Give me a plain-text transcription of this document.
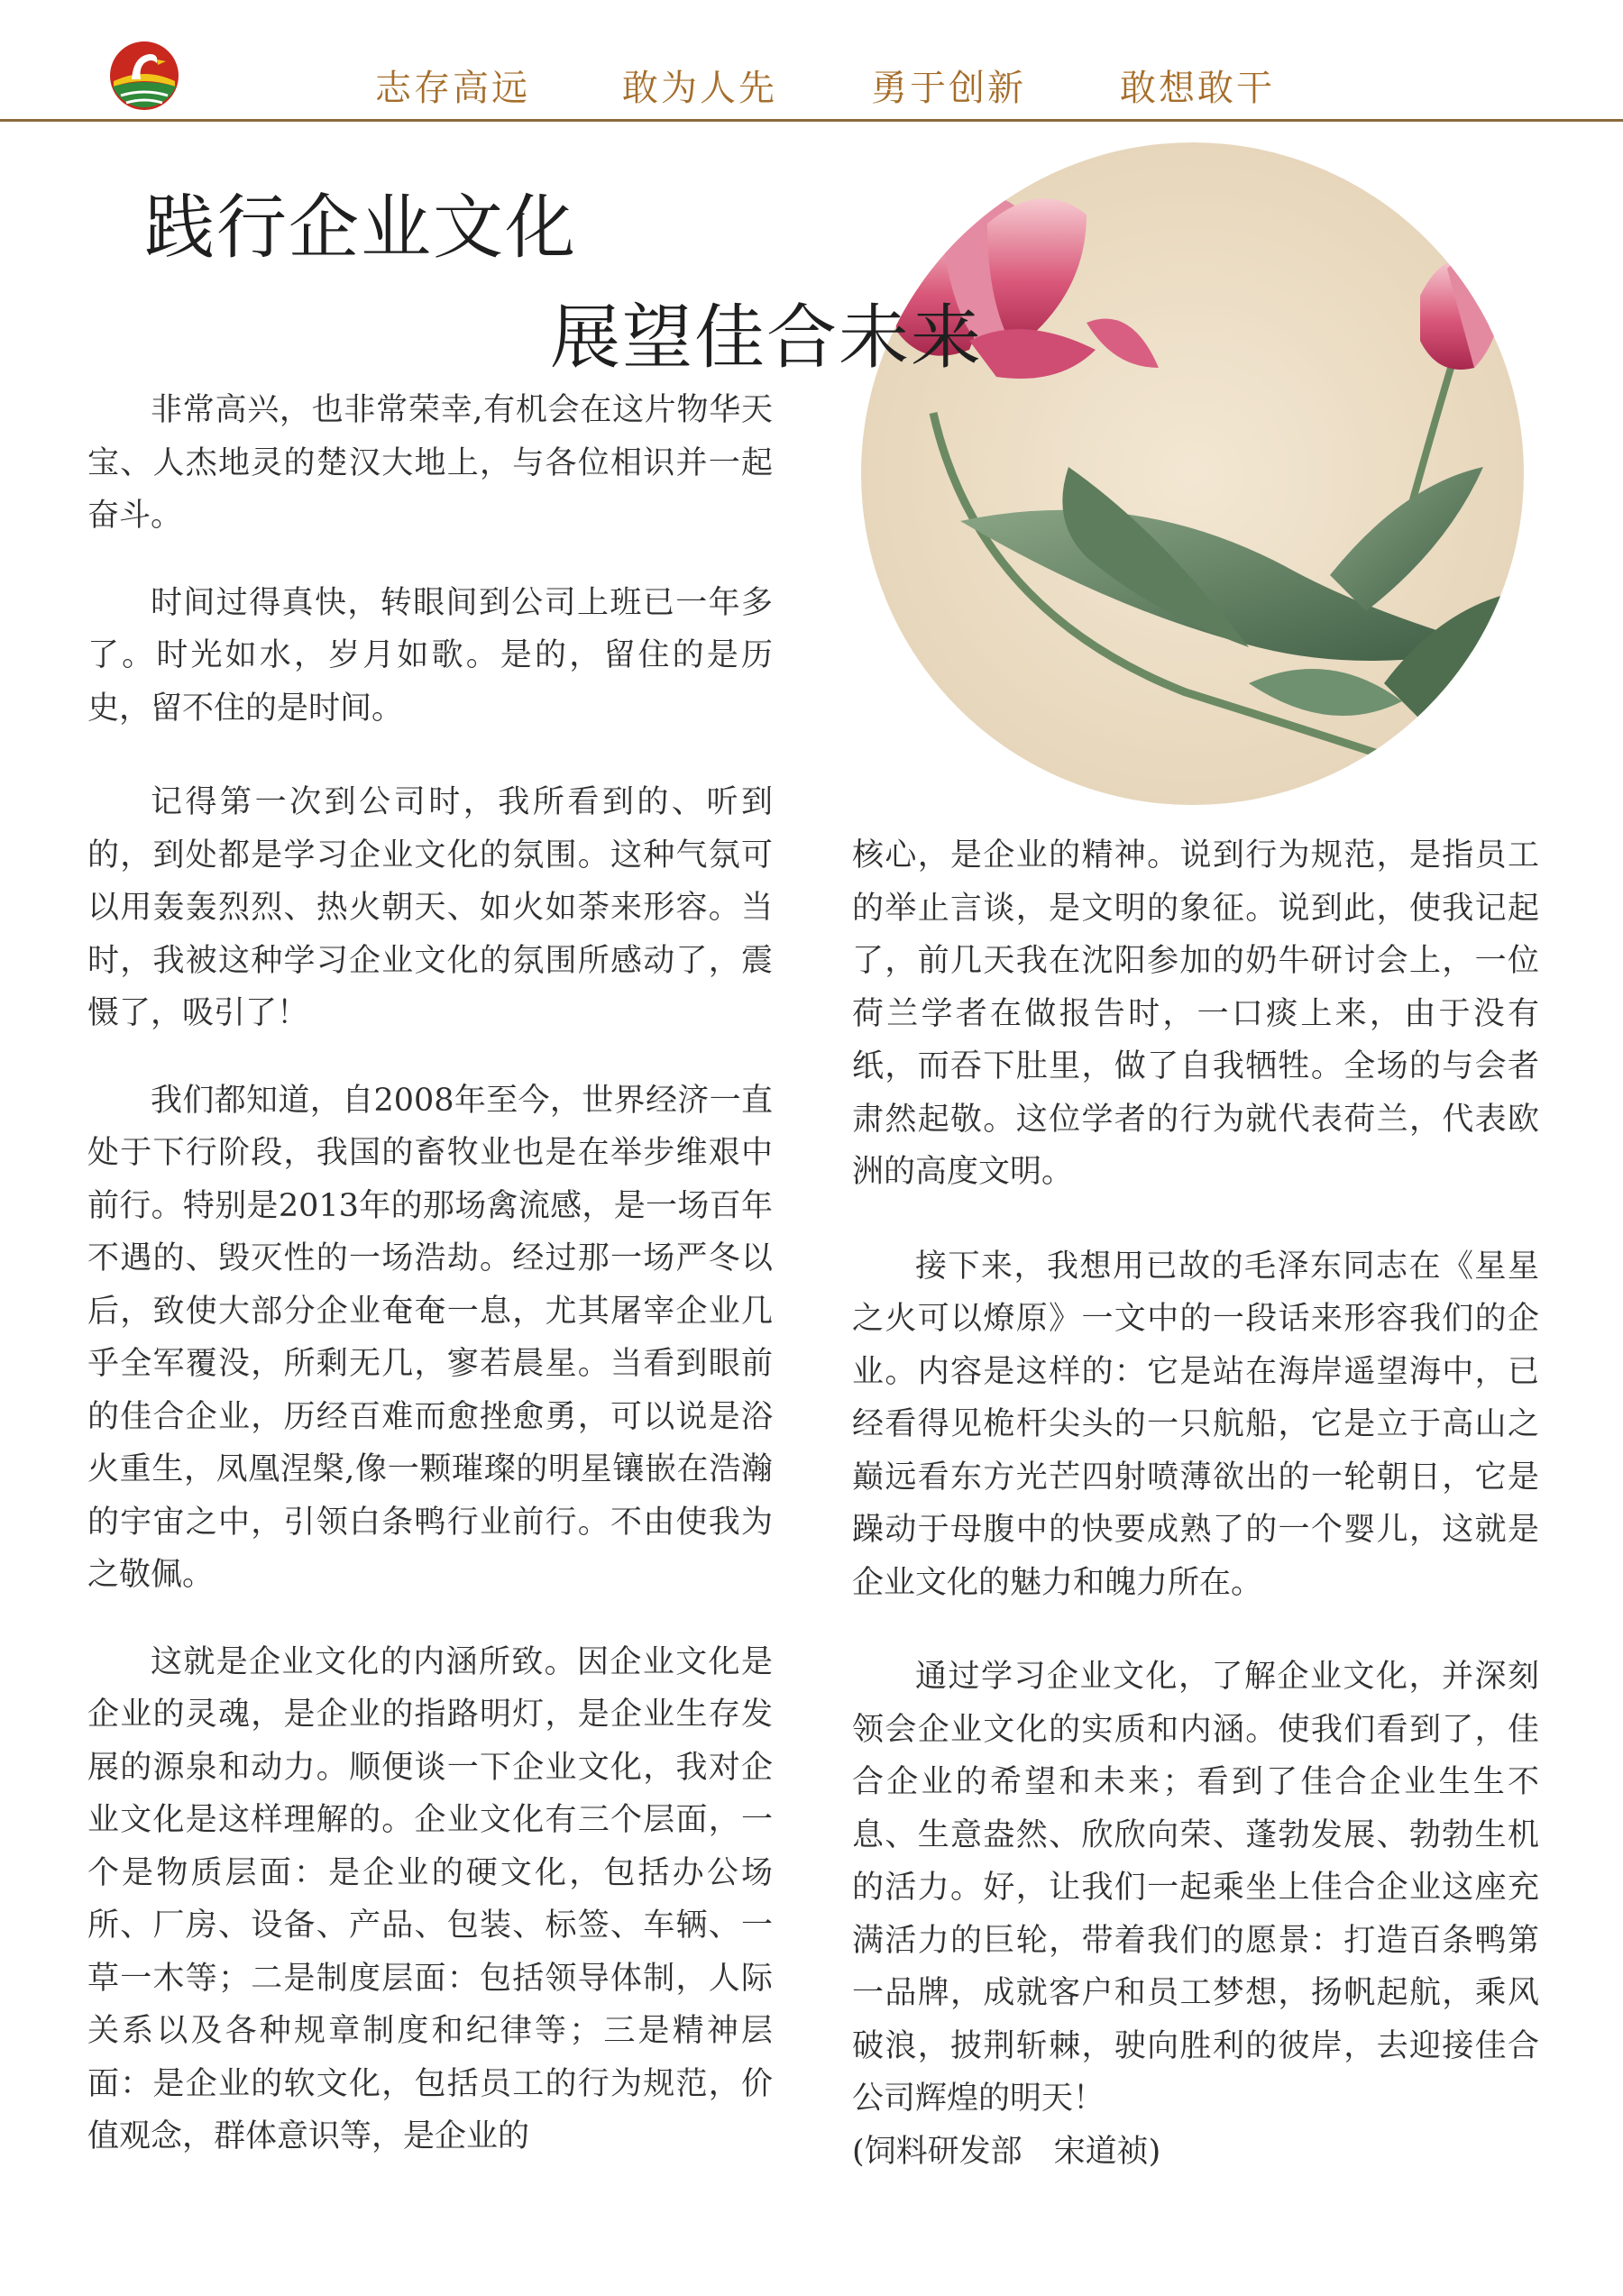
志存高远	敢为人先	勇于创新	敢想敢干
践行企业文化
展望佳合未来

非常高兴，也非常荣幸,有机会在这片物华天宝、人杰地灵的楚汉大地上，与各位相识并一起奋斗。

时间过得真快，转眼间到公司上班已一年多了。时光如水，岁月如歌。是的，留住的是历史，留不住的是时间。

记得第一次到公司时，我所看到的、听到的，到处都是学习企业文化的氛围。这种气氛可以用轰轰烈烈、热火朝天、如火如荼来形容。当时，我被这种学习企业文化的氛围所感动了，震慑了，吸引了！

我们都知道，自2008年至今，世界经济一直处于下行阶段，我国的畜牧业也是在举步维艰中前行。特别是2013年的那场禽流感，是一场百年不遇的、毁灭性的一场浩劫。经过那一场严冬以后，致使大部分企业奄奄一息，尤其屠宰企业几乎全军覆没，所剩无几，寥若晨星。当看到眼前的佳合企业，历经百难而愈挫愈勇，可以说是浴火重生，凤凰涅槃,像一颗璀璨的明星镶嵌在浩瀚的宇宙之中，引领白条鸭行业前行。不由使我为之敬佩。

这就是企业文化的内涵所致。因企业文化是企业的灵魂，是企业的指路明灯，是企业生存发展的源泉和动力。顺便谈一下企业文化，我对企业文化是这样理解的。企业文化有三个层面，一个是物质层面：是企业的硬文化，包括办公场所、厂房、设备、产品、包装、标签、车辆、一草一木等；二是制度层面：包括领导体制，人际关系以及各种规章制度和纪律等；三是精神层面：是企业的软文化，包括员工的行为规范，价值观念，群体意识等，是企业的

核心，是企业的精神。说到行为规范，是指员工的举止言谈，是文明的象征。说到此，使我记起了，前几天我在沈阳参加的奶牛研讨会上，一位荷兰学者在做报告时，一口痰上来，由于没有纸，而吞下肚里，做了自我牺牲。全场的与会者肃然起敬。这位学者的行为就代表荷兰，代表欧洲的高度文明。

接下来，我想用已故的毛泽东同志在《星星之火可以燎原》一文中的一段话来形容我们的企业。内容是这样的：它是站在海岸遥望海中，已经看得见桅杆尖头的一只航船，它是立于高山之巅远看东方光芒四射喷薄欲出的一轮朝日，它是躁动于母腹中的快要成熟了的一个婴儿，这就是企业文化的魅力和魄力所在。

通过学习企业文化，了解企业文化，并深刻领会企业文化的实质和内涵。使我们看到了，佳合企业的希望和未来；看到了佳合企业生生不息、生意盎然、欣欣向荣、蓬勃发展、勃勃生机的活力。好，让我们一起乘坐上佳合企业这座充满活力的巨轮，带着我们的愿景：打造百条鸭第一品牌，成就客户和员工梦想，扬帆起航，乘风破浪，披荆斩棘，驶向胜利的彼岸，去迎接佳合公司辉煌的明天！

(饲料研发部　宋道祯)
